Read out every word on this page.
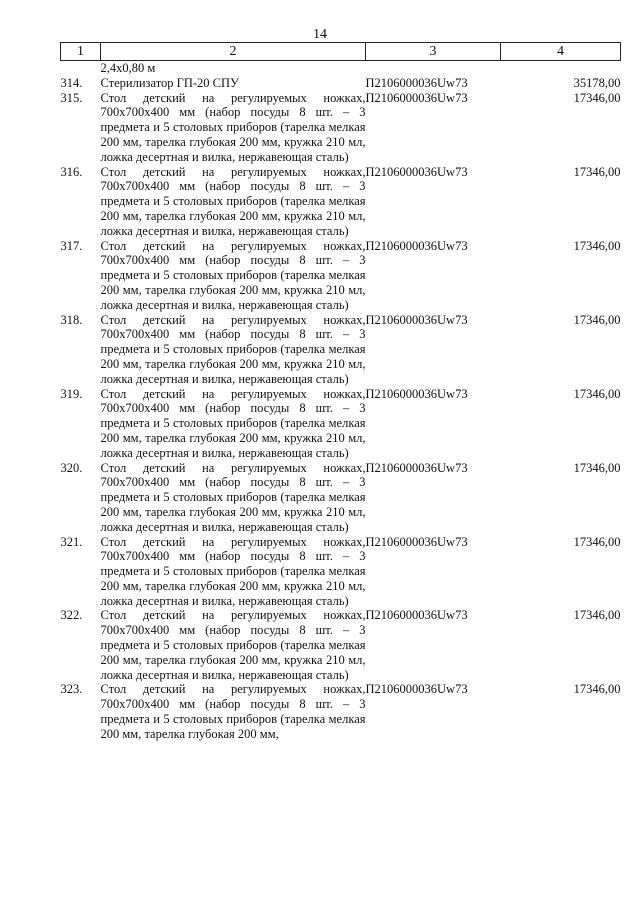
14
1	2	3	4
	2,4x0,80 м		
314.	Стерилизатор ГП-20 СПУ	П2106000036Uw73	35178,00
315.	Стол детский на регулируемых ножках, 700x700x400 мм (набор посуды 8 шт. – 3 предмета и 5 столовых приборов (тарелка мелкая 200 мм, тарелка глубокая 200 мм, кружка 210 мл, ложка десертная и вилка, нержавеющая сталь)	П2106000036Uw73	17346,00
316.	Стол детский на регулируемых ножках, 700x700x400 мм (набор посуды 8 шт. – 3 предмета и 5 столовых приборов (тарелка мелкая 200 мм, тарелка глубокая 200 мм, кружка 210 мл, ложка десертная и вилка, нержавеющая сталь)	П2106000036Uw73	17346,00
317.	Стол детский на регулируемых ножках, 700x700x400 мм (набор посуды 8 шт. – 3 предмета и 5 столовых приборов (тарелка мелкая 200 мм, тарелка глубокая 200 мм, кружка 210 мл, ложка десертная и вилка, нержавеющая сталь)	П2106000036Uw73	17346,00
318.	Стол детский на регулируемых ножках, 700x700x400 мм (набор посуды 8 шт. – 3 предмета и 5 столовых приборов (тарелка мелкая 200 мм, тарелка глубокая 200 мм, кружка 210 мл, ложка десертная и вилка, нержавеющая сталь)	П2106000036Uw73	17346,00
319.	Стол детский на регулируемых ножках, 700x700x400 мм (набор посуды 8 шт. – 3 предмета и 5 столовых приборов (тарелка мелкая 200 мм, тарелка глубокая 200 мм, кружка 210 мл, ложка десертная и вилка, нержавеющая сталь)	П2106000036Uw73	17346,00
320.	Стол детский на регулируемых ножках, 700x700x400 мм (набор посуды 8 шт. – 3 предмета и 5 столовых приборов (тарелка мелкая 200 мм, тарелка глубокая 200 мм, кружка 210 мл, ложка десертная и вилка, нержавеющая сталь)	П2106000036Uw73	17346,00
321.	Стол детский на регулируемых ножках, 700x700x400 мм (набор посуды 8 шт. – 3 предмета и 5 столовых приборов (тарелка мелкая 200 мм, тарелка глубокая 200 мм, кружка 210 мл, ложка десертная и вилка, нержавеющая сталь)	П2106000036Uw73	17346,00
322.	Стол детский на регулируемых ножках, 700x700x400 мм (набор посуды 8 шт. – 3 предмета и 5 столовых приборов (тарелка мелкая 200 мм, тарелка глубокая 200 мм, кружка 210 мл, ложка десертная и вилка, нержавеющая сталь)	П2106000036Uw73	17346,00
323.	Стол детский на регулируемых ножках, 700x700x400 мм (набор посуды 8 шт. – 3 предмета и 5 столовых приборов (тарелка мелкая 200 мм, тарелка глубокая 200 мм,	П2106000036Uw73	17346,00
